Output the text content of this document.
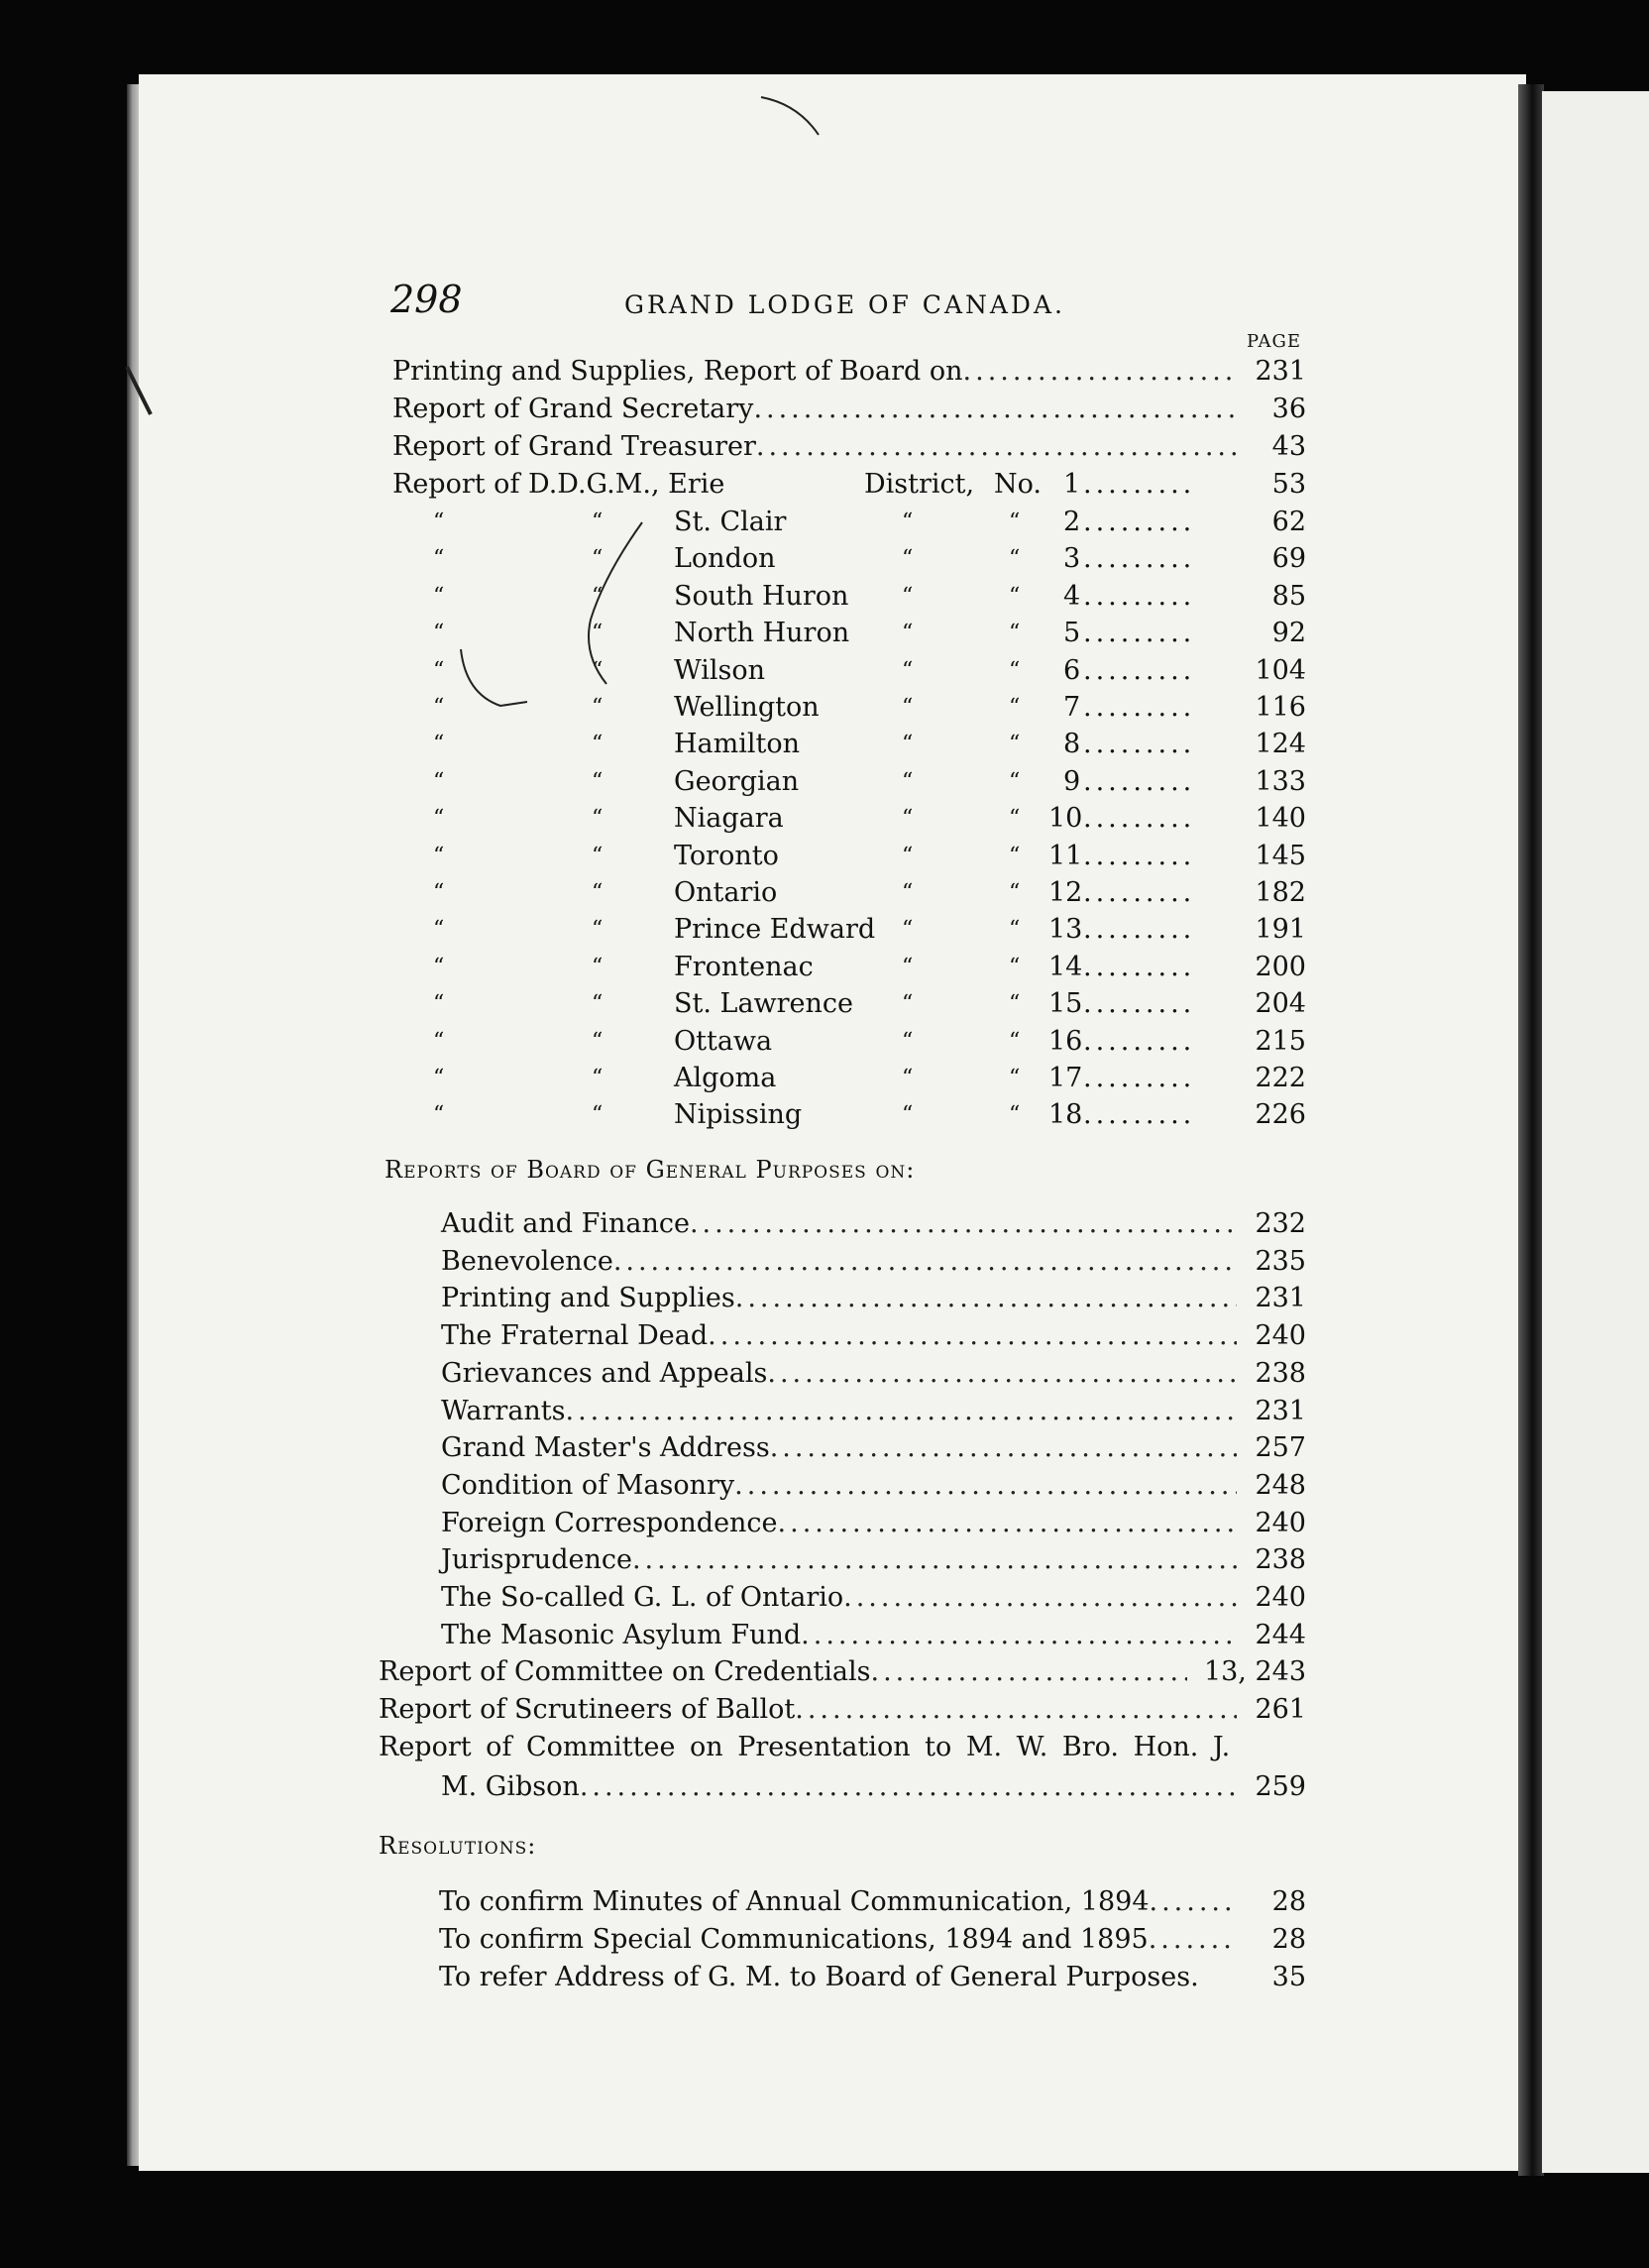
298	GRAND LODGE OF CANADA.
PAGE
Printing and Supplies, Report of Board on .....	231
Report of Grand Secretary .....	36
Report of Grand Treasurer .....	43
Report of D.D.G.M., Erie	District, No. 1 .........	53
“	“	St. Clair	“	“ 2 .........	62
“	“	London	“	“ 3 .........	69
“	“	South Huron “	“ 4 .........	85
“	“	North Huron “	“ 5 .........	92
“	“	Wilson	“	“ 6 .........	104
“	“	Wellington	“	“ 7 .........	116
“	“	Hamilton	“	“ 8 .........	124
“	“	Georgian	“	“ 9 .........	133
“	“	Niagara	“	“ 10 .........	140
“	“	Toronto	“	“ 11 .........	145
“	“	Ontario	“	“ 12 .........	182
“	“	Prince Edward “	“ 13 .........	191
“	“	Frontenac	“	“ 14 .........	200
“	“	St. Lawrence “	“ 15 .........	204
“	“	Ottawa	“	“ 16 .........	215
“	“	Algoma	“	“ 17 .........	222
“	“	Nipissing	“	“ 18 .........	226
Reports of Board of General Purposes on:
Audit and Finance .....	232
Benevolence .....	235
Printing and Supplies .....	231
The Fraternal Dead .....	240
Grievances and Appeals .....	238
Warrants .....	231
Grand Master's Address .....	257
Condition of Masonry .....	248
Foreign Correspondence .....	240
Jurisprudence .....	238
The So-called G. L. of Ontario .....	240
The Masonic Asylum Fund .....	244
Report of Committee on Credentials .....	13, 243
Report of Scrutineers of Ballot .....	261
Report of Committee on Presentation to M. W. Bro. Hon. J.
M. Gibson .....	259
Resolutions:
To confirm Minutes of Annual Communication, 1894 .....	28
To confirm Special Communications, 1894 and 1895 .....	28
To refer Address of G. M. to Board of General Purposes.	35
